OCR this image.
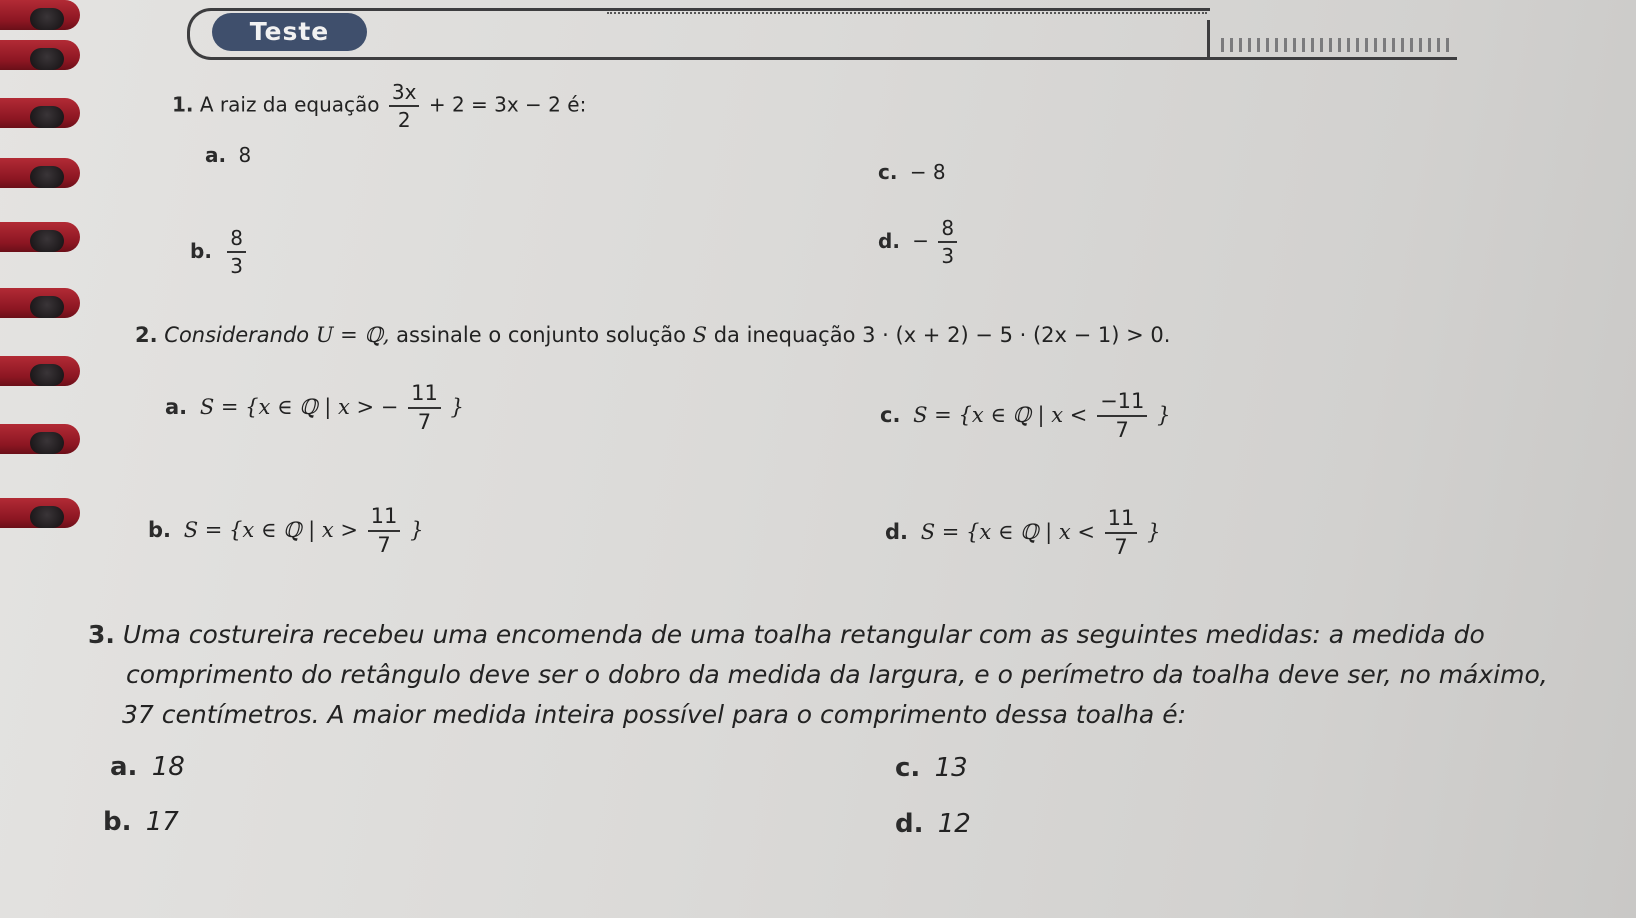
Teste
1. A raiz da equação $\frac{3x}{2} + 2 = 3x - 2$ é:
a. 8
c. − 8
b. $\frac{8}{3}$	d. − $\frac{8}{3}$
2. Considerando U = ℚ, assinale o conjunto solução S da inequação 3 · (x + 2) − 5 · (2x − 1) > 0.
a. S = {x ∈ ℚ | x > − $\frac{11}{7}$ }	c. S = {x ∈ ℚ | $x < \frac{-11}{7}$ }
b. S = {x ∈ ℚ | $x > \frac{11}{7}$ }	d. S = {x ∈ ℚ | $x < \frac{11}{7}$ }
3. Uma costureira recebeu uma encomenda de uma toalha retangular com as seguintes medidas: a medida do
comprimento do retângulo deve ser o dobro da medida da largura, e o perímetro da toalha deve ser, no máximo,
37 centímetros. A maior medida inteira possível para o comprimento dessa toalha é:
a. 18
b. 17
c. 13
d. 12
